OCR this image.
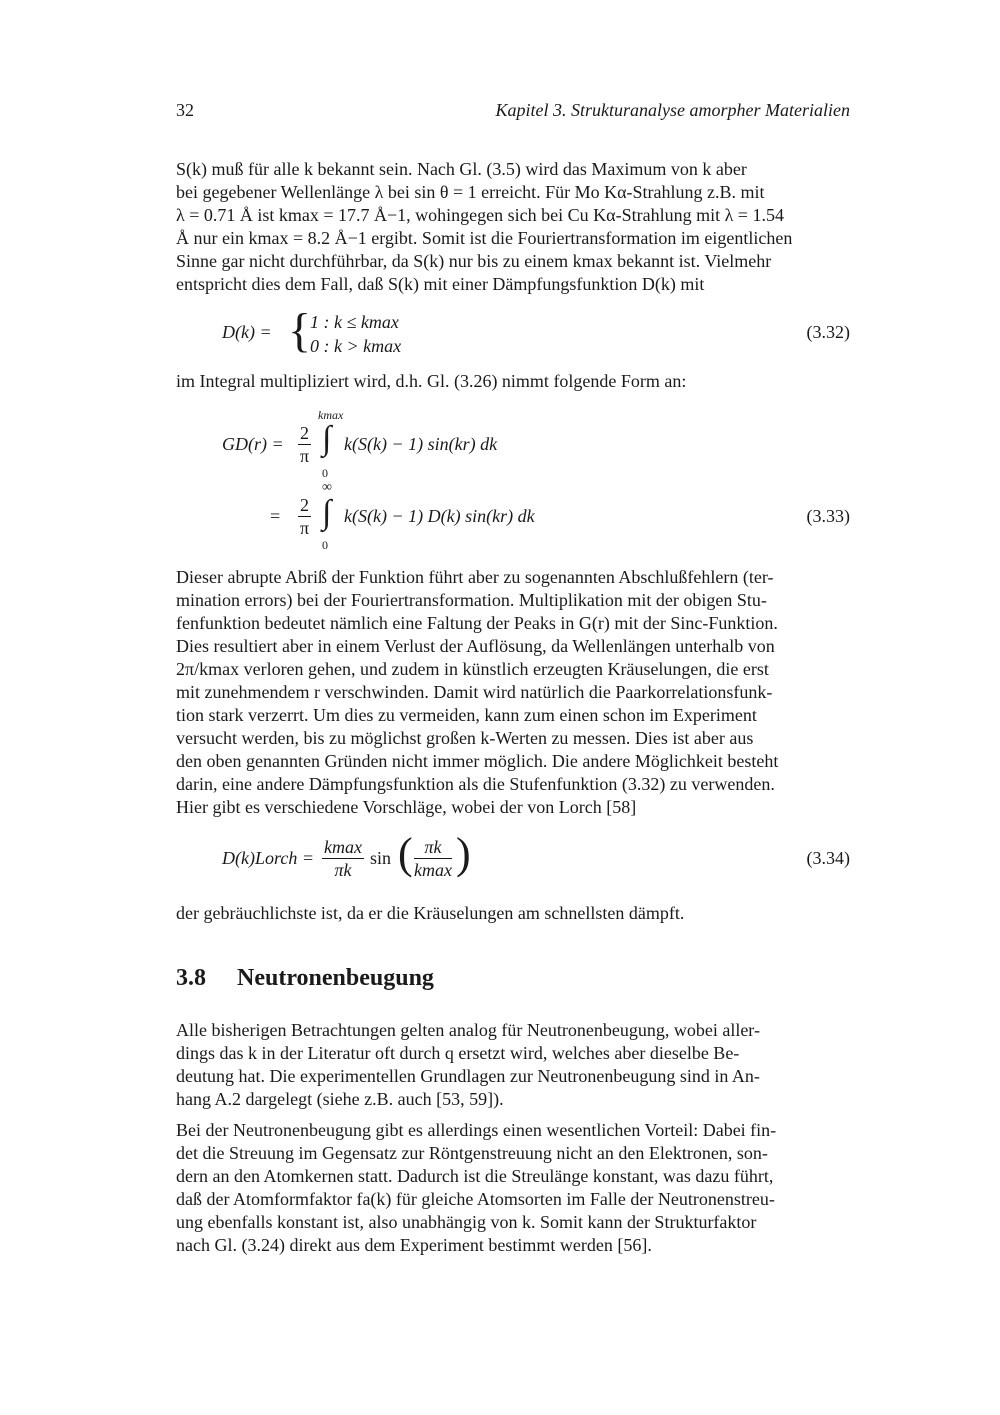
32	Kapitel 3. Strukturanalyse amorpher Materialien

S(k) muß für alle k bekannt sein. Nach Gl. (3.5) wird das Maximum von k aber

bei gegebener Wellenlänge λ bei sin θ = 1 erreicht. Für Mo Kα-Strahlung z.B. mit

λ = 0.71 Å ist kmax = 17.7 Å−1, wohingegen sich bei Cu Kα-Strahlung mit λ = 1.54

Å nur ein kmax = 8.2 Å−1 ergibt. Somit ist die Fouriertransformation im eigentlichen

Sinne gar nicht durchführbar, da S(k) nur bis zu einem kmax bekannt ist. Vielmehr

entspricht dies dem Fall, daß S(k) mit einer Dämpfungsfunktion D(k) mit

D(k) = {
1 : k ≤ kmax
0 : k > kmax
(3.32)

im Integral multipliziert wird, d.h. Gl. (3.26) nimmt folgende Form an:

$GD(r) = \frac{2}{\pi}$
kmax
∫
0
k(S(k) − 1) sin(kr) dk
= $\frac{2}{\pi}$
∞
∫
0
k(S(k) − 1) D(k) sin(kr) dk	(3.33)

Dieser abrupte Abriß der Funktion führt aber zu sogenannten Abschlußfehlern (ter-

mination errors) bei der Fouriertransformation. Multiplikation mit der obigen Stu-

fenfunktion bedeutet nämlich eine Faltung der Peaks in G(r) mit der Sinc-Funktion.

Dies resultiert aber in einem Verlust der Auflösung, da Wellenlängen unterhalb von

2π/kmax verloren gehen, und zudem in künstlich erzeugten Kräuselungen, die erst

mit zunehmendem r verschwinden. Damit wird natürlich die Paarkorrelationsfunk-

tion stark verzerrt. Um dies zu vermeiden, kann zum einen schon im Experiment

versucht werden, bis zu möglichst großen k-Werten zu messen. Dies ist aber aus

den oben genannten Gründen nicht immer möglich. Die andere Möglichkeit besteht

darin, eine andere Dämpfungsfunktion als die Stufenfunktion (3.32) zu verwenden.

Hier gibt es verschiedene Vorschläge, wobei der von Lorch [58]

D(k)Lorch =
kmax
πk
sin ( πk
kmax )	(3.34)

der gebräuchlichste ist, da er die Kräuselungen am schnellsten dämpft.

3.8 Neutronenbeugung

Alle bisherigen Betrachtungen gelten analog für Neutronenbeugung, wobei aller-

dings das k in der Literatur oft durch q ersetzt wird, welches aber dieselbe Be-

deutung hat. Die experimentellen Grundlagen zur Neutronenbeugung sind in An-

hang A.2 dargelegt (siehe z.B. auch [53, 59]).

Bei der Neutronenbeugung gibt es allerdings einen wesentlichen Vorteil: Dabei fin-

det die Streuung im Gegensatz zur Röntgenstreuung nicht an den Elektronen, son-

dern an den Atomkernen statt. Dadurch ist die Streulänge konstant, was dazu führt,

daß der Atomformfaktor fa(k) für gleiche Atomsorten im Falle der Neutronenstreu-

ung ebenfalls konstant ist, also unabhängig von k. Somit kann der Strukturfaktor

nach Gl. (3.24) direkt aus dem Experiment bestimmt werden [56].
